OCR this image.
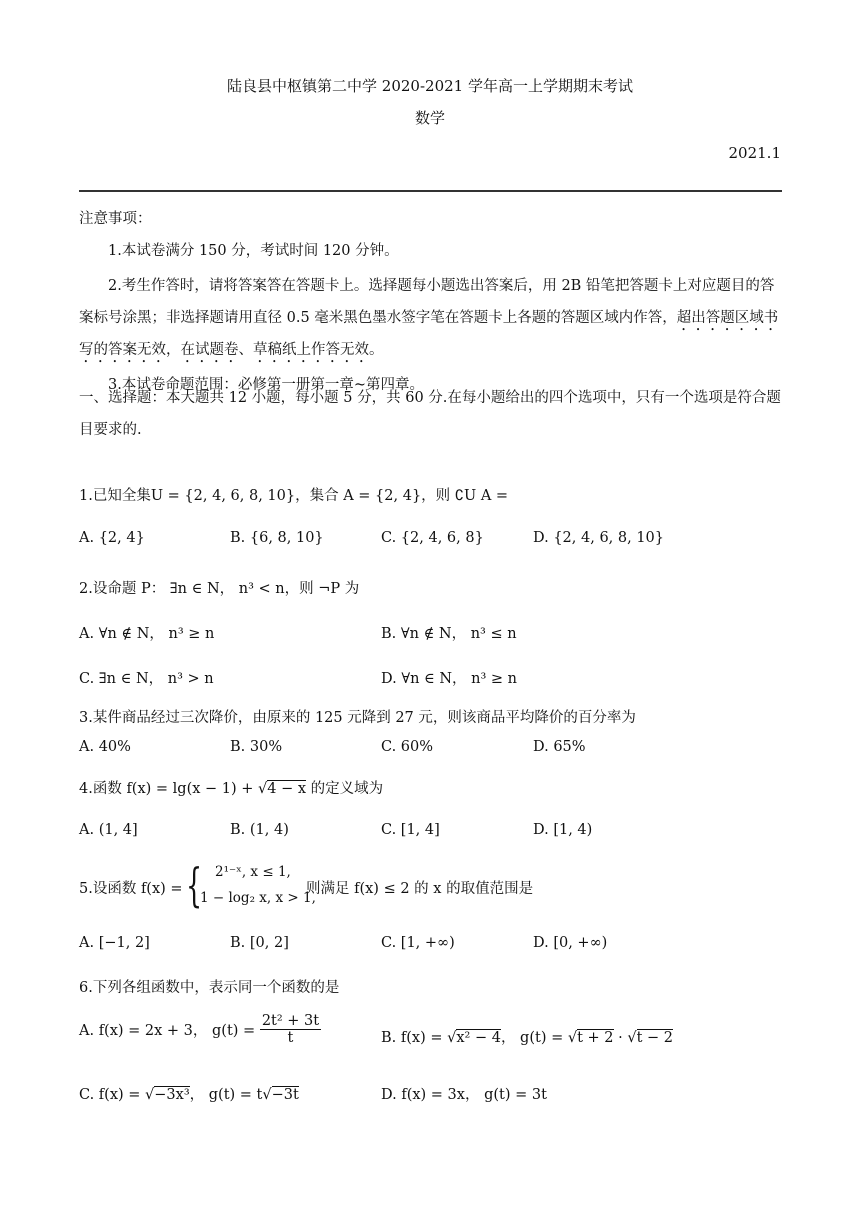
陆良县中枢镇第二中学 2020-2021 学年高一上学期期末考试
数学
2021.1
注意事项：
1.本试卷满分 150 分，考试时间 120 分钟。
2.考生作答时，请将答案答在答题卡上。选择题每小题选出答案后，用 2B 铅笔把答题卡上对应题目的答案标号涂黑；非选择题请用直径 0.5 毫米黑色墨水签字笔在答题卡上各题的答题区域内作答，超出答题区域书写的答案无效，在试题卷、草稿纸上作答无效。
3.本试卷命题范围：必修第一册第一章~第四章。
一、选择题：本大题共 12 小题，每小题 5 分，共 60 分.在每小题给出的四个选项中，只有一个选项是符合题目要求的.
1.已知全集U = {2, 4, 6, 8, 10}，集合 A = {2, 4}，则 ∁U A =
A. {2, 4}	B. {6, 8, 10}	C. {2, 4, 6, 8}	D. {2, 4, 6, 8, 10}
2.设命题 P： ∃n ∈ N， n³ < n，则 ¬P 为
A. ∀n ∉ N， n³ ≥ n	B. ∀n ∉ N， n³ ≤ n
C. ∃n ∈ N， n³ > n	D. ∀n ∈ N， n³ ≥ n
3.某件商品经过三次降价，由原来的 125 元降到 27 元，则该商品平均降价的百分率为
A. 40%	B. 30%	C. 60%	D. 65%
4.函数 f(x) = lg(x − 1) + √4 − x 的定义域为
A. (1, 4]	B. (1, 4)	C. [1, 4]	D. [1, 4)
5.设函数 f(x) = { 2¹⁻ˣ, x ≤ 1,
1 − log₂ x, x > 1,
则满足 f(x) ≤ 2 的 x 的取值范围是
A. [−1, 2]	B. [0, 2]	C. [1, +∞)	D. [0, +∞)
6.下列各组函数中，表示同一个函数的是
A. f(x) = 2x + 3， $g(t) = \frac{\text{2t² + 3t}}{t}$	B. f(x) = √x² − 4， g(t) = √t + 2 · √t − 2
C. f(x) = √−3x³， g(t) = t√−3t	D. f(x) = 3x， g(t) = 3t
